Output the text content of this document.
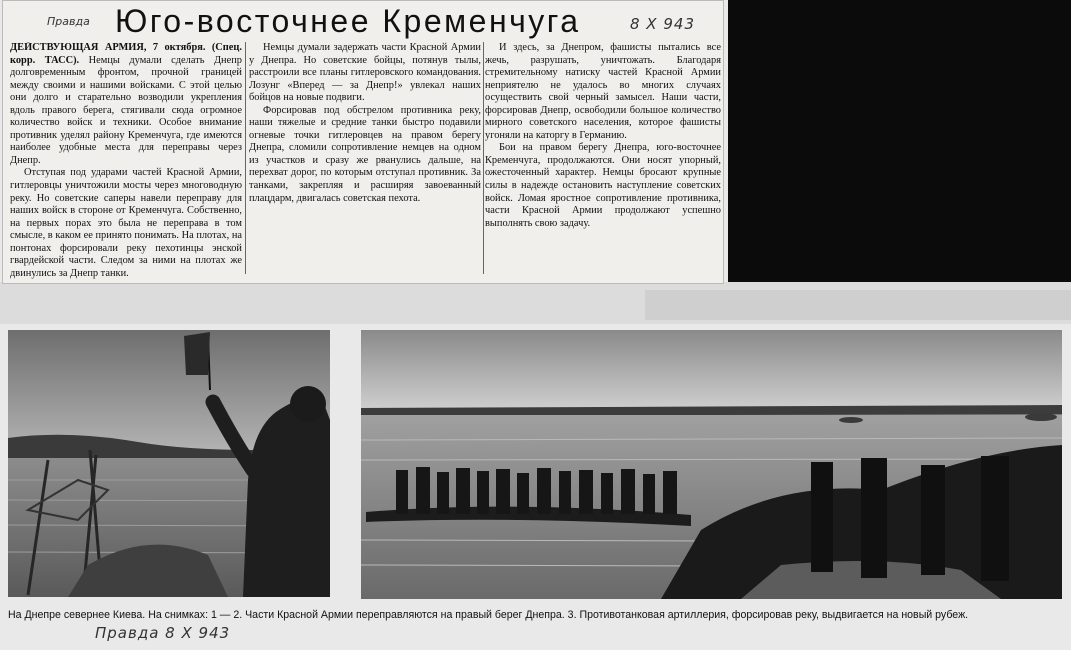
Правда Юго-восточнее Кременчуга	8 X 943

ДЕЙСТВУЮЩАЯ АРМИЯ, 7 октября. (Спец. корр. ТАСС). Немцы думали сделать Днепр долговременным фронтом, прочной границей между своими и нашими войсками. С этой целью они долго и старательно возводили укрепления вдоль правого берега, стягивали сюда огромное количество войск и техники. Особое внимание противник уделял району Кременчуга, где имеются наиболее удобные места для переправы через Днепр.

Отступая под ударами частей Красной Армии, гитлеровцы уничтожили мосты через многоводную реку. Но советские саперы навели переправу для наших войск в стороне от Кременчуга. Собственно, на первых порах это была не переправа в том смысле, в каком ее принято понимать. На плотах, на понтонах форсировали реку пехотинцы энской гвардейской части. Следом за ними на плотах же двинулись за Днепр танки.

Немцы думали задержать части Красной Армии у Днепра. Но советские бойцы, потянув тылы, расстроили все планы гитлеровского командования. Лозунг «Вперед — за Днепр!» увлекал наших бойцов на новые подвиги.

Форсировав под обстрелом противника реку, наши тяжелые и средние танки быстро подавили огневые точки гитлеровцев на правом берегу Днепра, сломили сопротивление немцев на одном из участков и сразу же рванулись дальше, на перехват дорог, по которым отступал противник. За танками, закрепляя и расширяя завоеванный плацдарм, двигалась советская пехота.

И здесь, за Днепром, фашисты пытались все жечь, разрушать, уничтожать. Благодаря стремительному натиску частей Красной Армии неприятелю не удалось во многих случаях осуществить свой черный замысел. Наши части, форсировав Днепр, освободили большое количество мирного советского населения, которое фашисты угоняли на каторгу в Германию.

Бои на правом берегу Днепра, юго-восточнее Кременчуга, продолжаются. Они носят упорный, ожесточенный характер. Немцы бросают крупные силы в надежде остановить наступление советских войск. Ломая яростное сопротивление противника, части Красной Армии продолжают успешно выполнять свою задачу.

На Днепре севернее Киева. На снимках: 1 — 2. Части Красной Армии переправляются на правый берег Днепра. 3. Противотанковая артиллерия, форсировав реку, выдвигается на новый рубеж.

Правда 8 X 943
